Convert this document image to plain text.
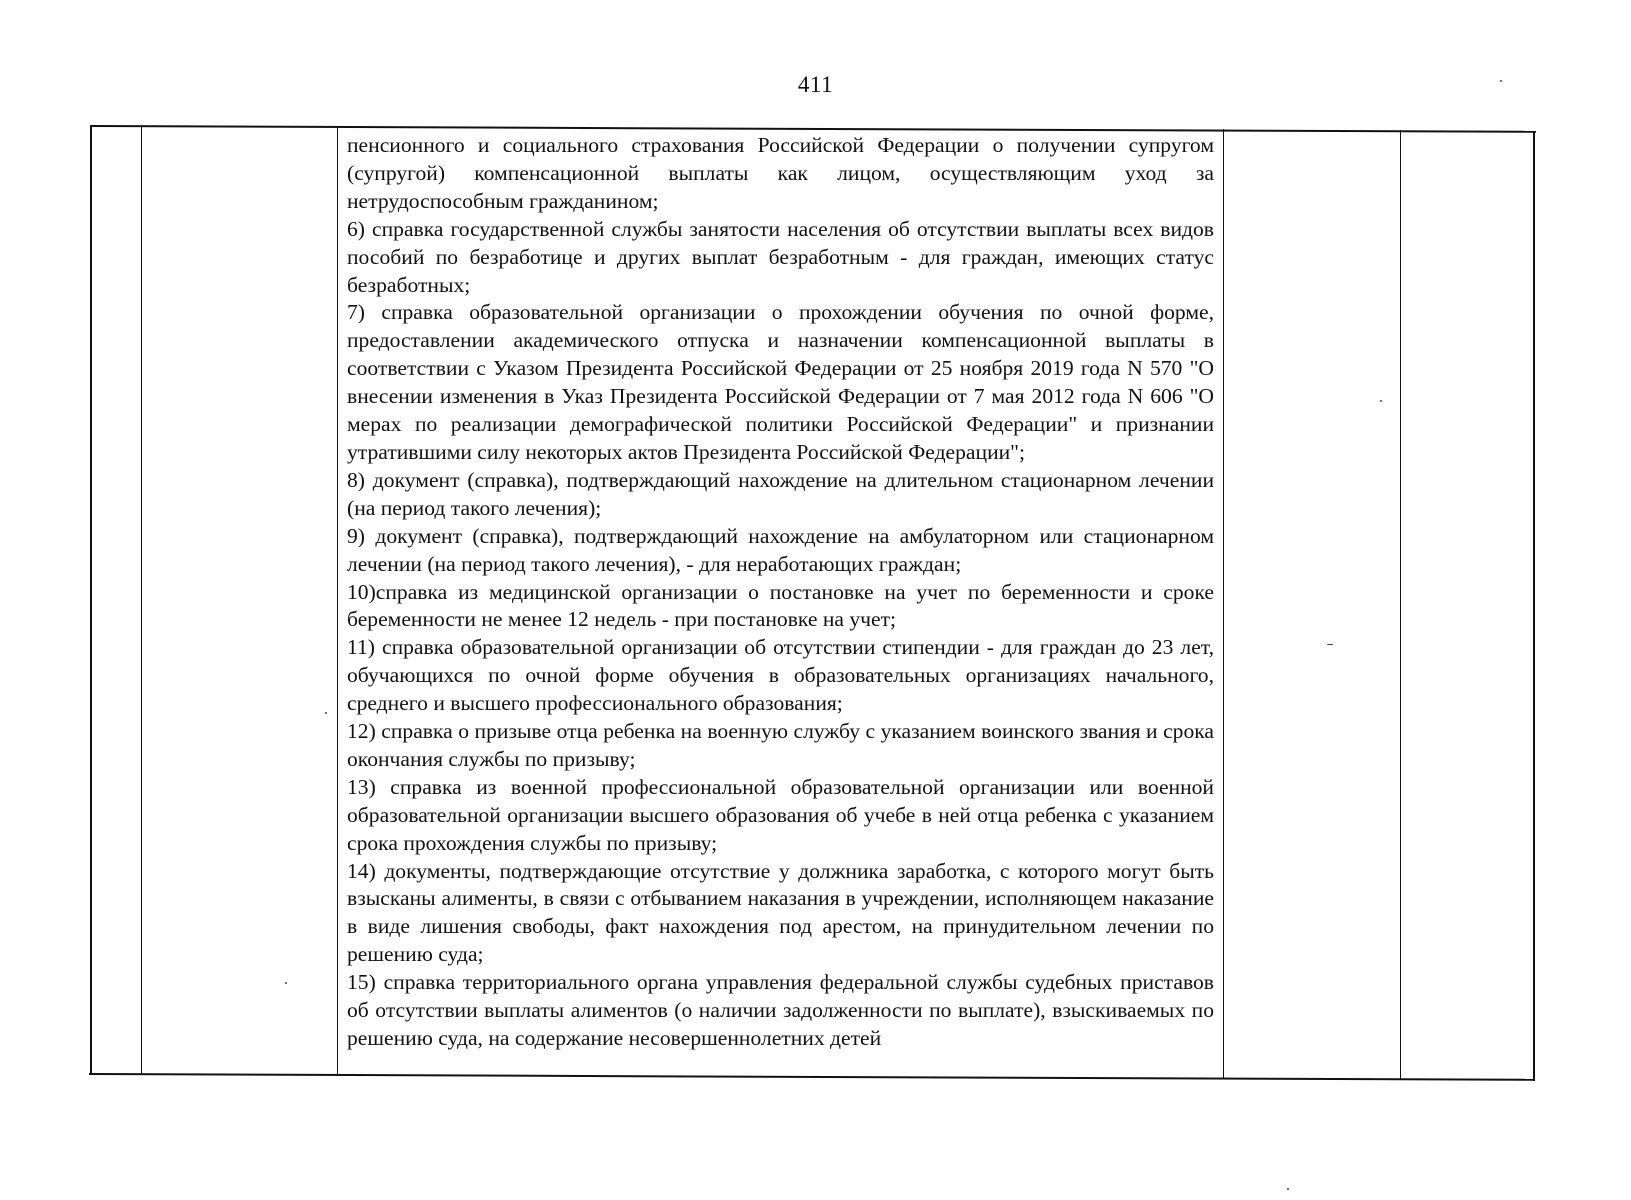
411

пенсионного и социального страхования Российской Федерации о получении супругом (супругой) компенсационной выплаты как лицом, осуществляющим уход за нетрудоспособным гражданином;

6) справка государственной службы занятости населения об отсутствии выплаты всех видов пособий по безработице и других выплат безработным - для граждан, имеющих статус безработных;

7) справка образовательной организации о прохождении обучения по очной форме, предоставлении академического отпуска и назначении компенсационной выплаты в соответствии с Указом Президента Российской Федерации от 25 ноября 2019 года N 570 "О внесении изменения в Указ Президента Российской Федерации от 7 мая 2012 года N 606 "О мерах по реализации демографической политики Российской Федерации" и признании утратившими силу некоторых актов Президента Российской Федерации";

8) документ (справка), подтверждающий нахождение на длительном стационарном лечении (на период такого лечения);

9) документ (справка), подтверждающий нахождение на амбулаторном или стационарном лечении (на период такого лечения), - для неработающих граждан;

10)справка из медицинской организации о постановке на учет по беременности и сроке беременности не менее 12 недель - при постановке на учет;

11) справка образовательной организации об отсутствии стипендии - для граждан до 23 лет, обучающихся по очной форме обучения в образовательных организациях начального, среднего и высшего профессионального образования;

12) справка о призыве отца ребенка на военную службу с указанием воинского звания и срока окончания службы по призыву;

13) справка из военной профессиональной образовательной организации или военной образовательной организации высшего образования об учебе в ней отца ребенка с указанием срока прохождения службы по призыву;

14) документы, подтверждающие отсутствие у должника заработка, с которого могут быть взысканы алименты, в связи с отбыванием наказания в учреждении, исполняющем наказание в виде лишения свободы, факт нахождения под арестом, на принудительном лечении по решению суда;

15) справка территориального органа управления федеральной службы судебных приставов об отсутствии выплаты алиментов (о наличии задолженности по выплате), взыскиваемых по решению суда, на содержание несовершеннолетних детей
